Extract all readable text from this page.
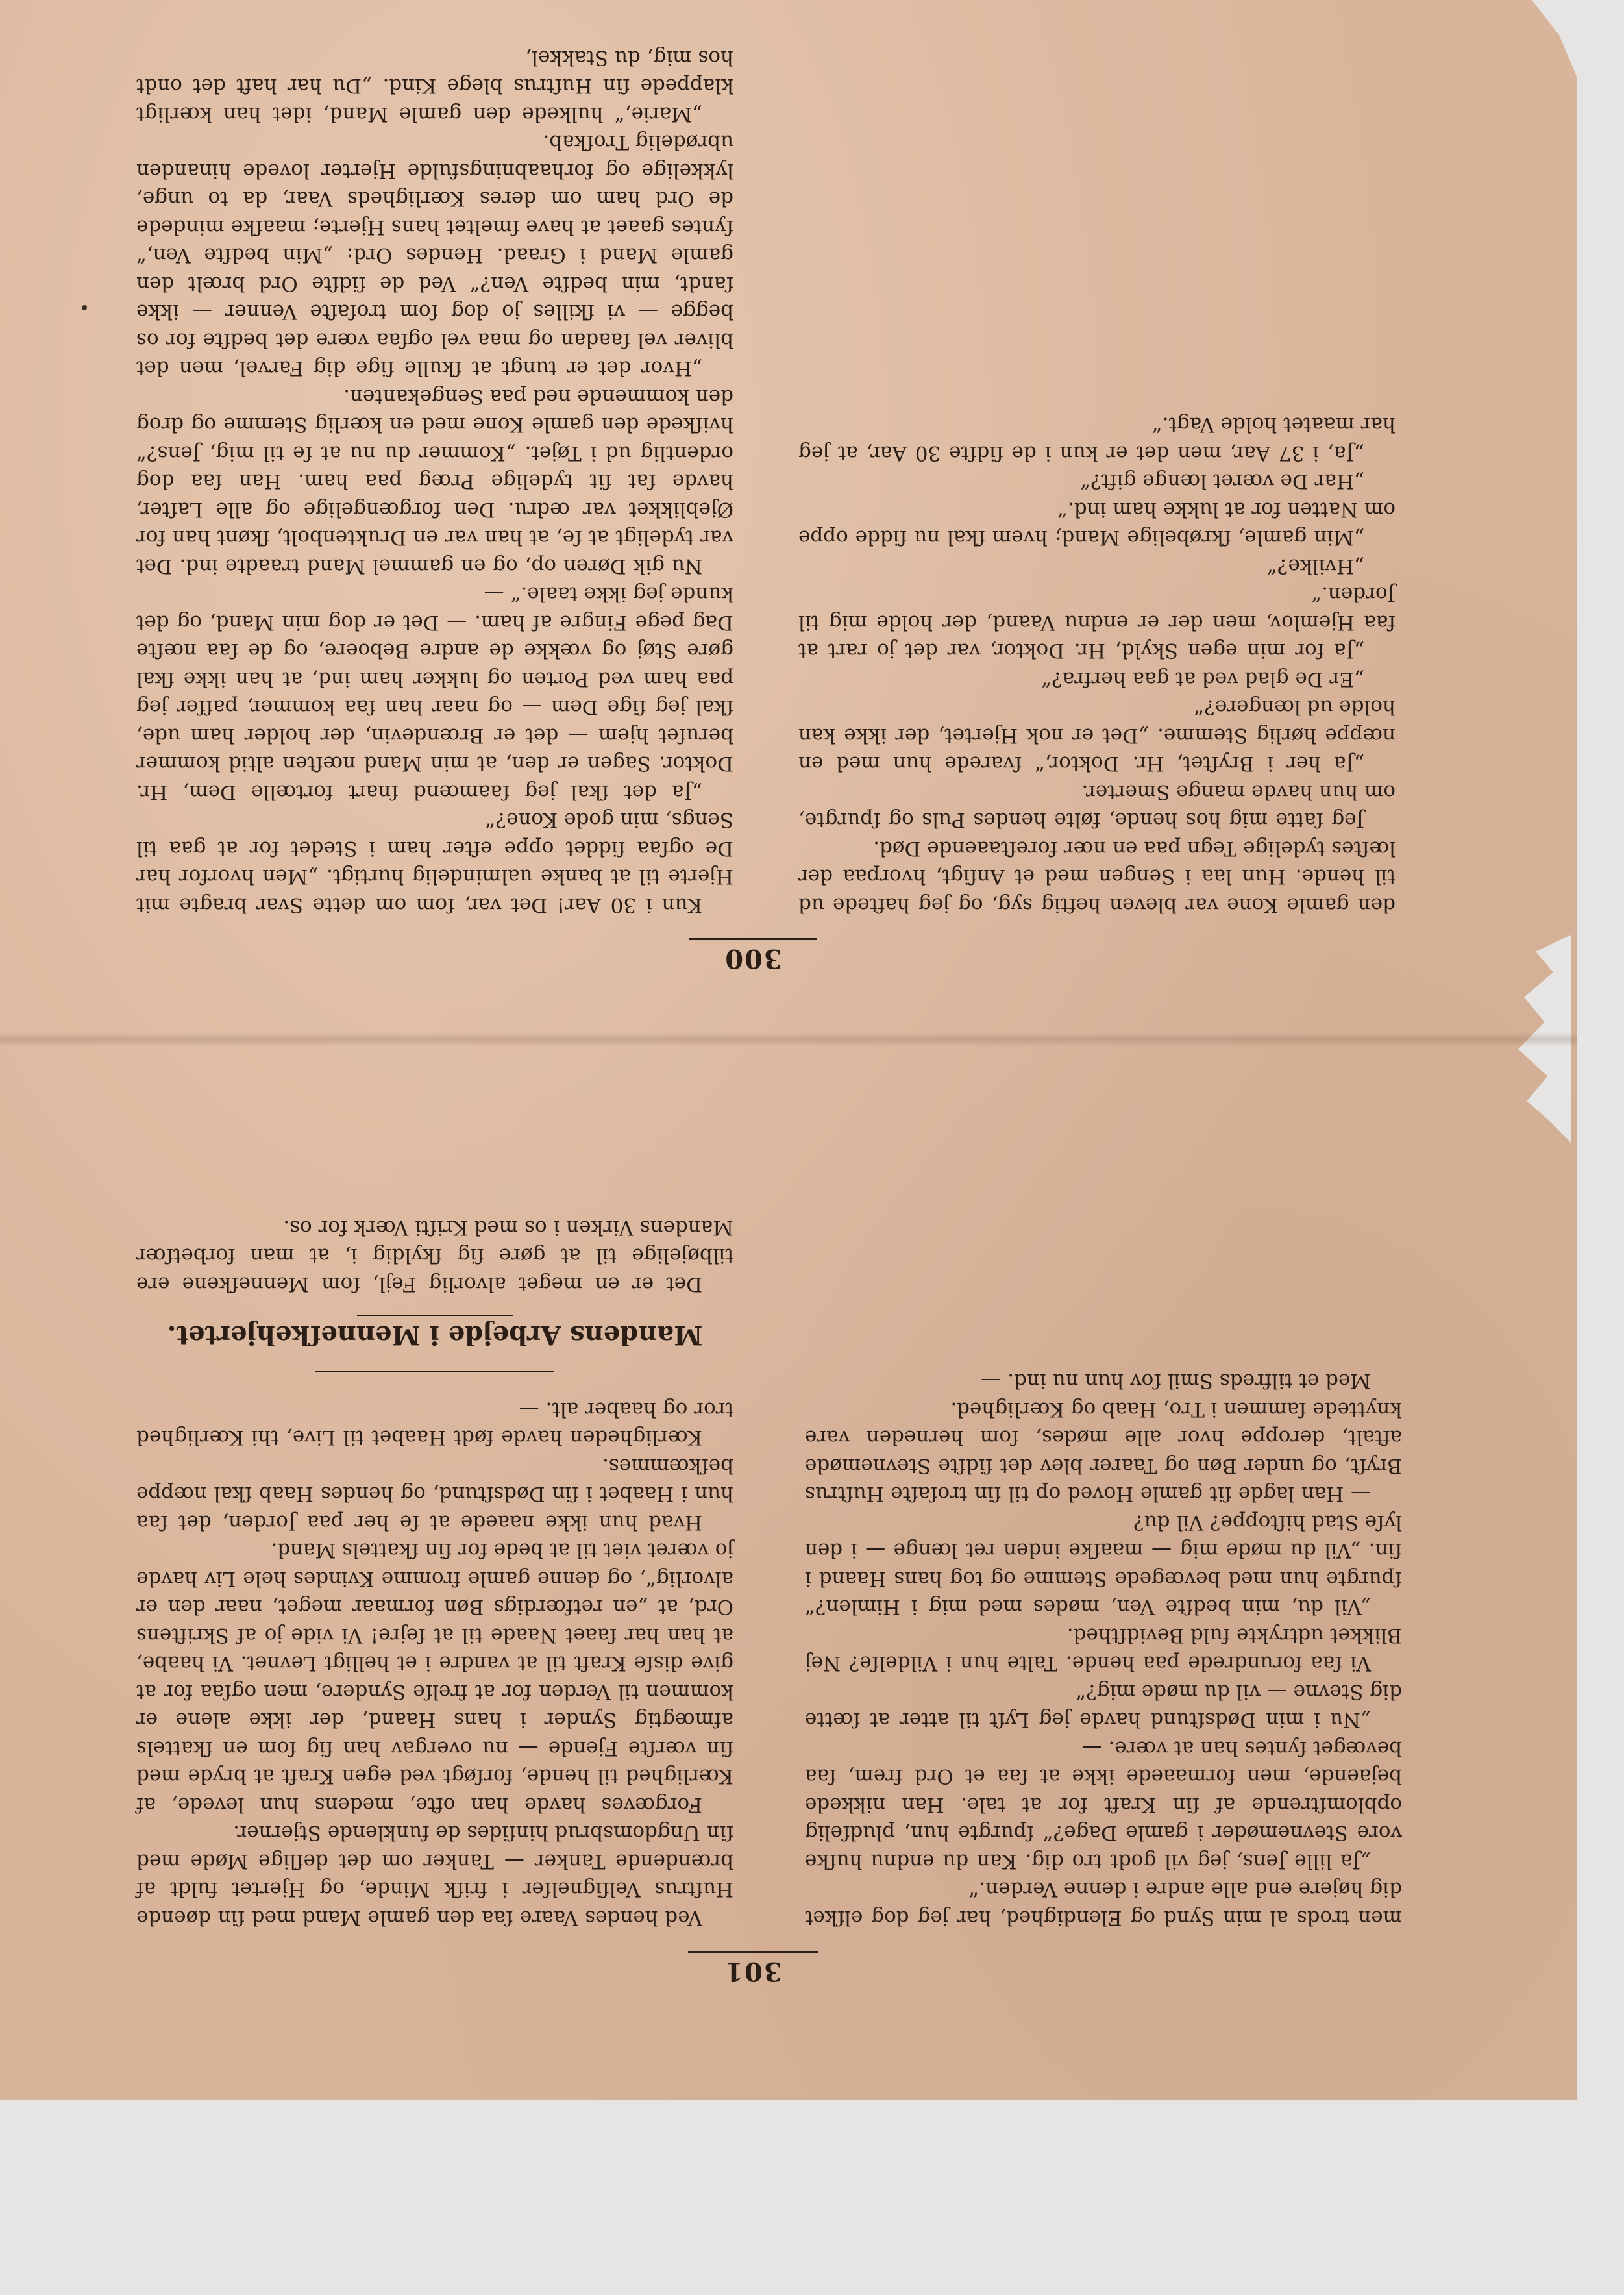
300

den gamle Kone var bleven heftig syg, og jeg haftede ud til hende. Hun laa i Sengen med et Anſigt, hvorpaa der lœſtes tydelige Tegn paa en nœr foreſtaaende Død.

Jeg ſatte mig hos hende, følte hendes Puls og ſpurgte, om hun havde mange Smerter.

„Ja her i Bryſtet, Hr. Doktor,“ ſvarede hun med en nœppe hørlig Stemme. „Det er nok Hjertet, der ikke kan holde ud lœngere?“

„Er De glad ved at gaa herfra?“

„Ja for min egen Skyld, Hr. Doktor, var det jo rart at faa Hjemlov, men der er endnu Vaand, der holde mig til Jorden.“

„Hvilke?“

„Min gamle, ſkrøbelige Mand; hvem ſkal nu ſidde oppe om Natten for at lukke ham ind.“

„Har De vœret lœnge gift?“

„Ja, i 37 Aar, men det er kun i de ſidſte 30 Aar, at jeg har maatet holde Vagt.“

Kun i 30 Aar! Det var, ſom om dette Svar bragte mit Hjerte til at banke ualmindelig hurtigt. „Men hvorfor har De ogſaa ſiddet oppe efter ham i Stedet for at gaa til Sengs, min gode Kone?“

„Ja det ſkal jeg ſaamœnd ſnart fortœlle Dem, Hr. Doktor. Sagen er den, at min Mand nœſten altid kommer beruſet hjem — det er Brœndevin, der holder ham ude, ſkal jeg ſige Dem — og naar han ſaa kommer, paſſer jeg paa ham ved Porten og lukker ham ind, at han ikke ſkal gøre Støj og vœkke de andre Beboere, og de ſaa nœſte Dag pege Fingre af ham. — Det er dog min Mand, og det kunde jeg ikke taale.“ —

Nu gik Døren op, og en gammel Mand traadte ind. Det var tydeligt at ſe, at han var en Druktenbolt, ſkønt han for Øjeblikket var œdru. Den forgœngelige og alle Laſter, havde ſat ſit tydelige Prœg paa ham. Han ſaa dog ordentlig ud i Tøjet. „Kommer du nu at ſe til mig, Jens?“ hviſkede den gamle Kone med en kœrlig Stemme og drog den kommende ned paa Sengekanten.

„Hvor det er tungt at ſkulle ſige dig Farvel, men det bliver vel ſaadan og maa vel ogſaa vœre det bedſte for os begge — vi ſkilles jo dog ſom troſaſte Venner — ikke ſandt, min bedſte Ven?“ Ved de ſidſte Ord brœlt den gamle Mand i Graad. Hendes Ord: „Min bedſte Ven,“ ſyntes gaaet at have ſmeltet hans Hjerte; maaſke mindede de Ord ham om deres Kœrligheds Vaar, da to unge, lykkelige og forhaabningsfulde Hjerter lovede hinanden ubrødelig Troſkab.

„Marie,“ hulkede den gamle Mand, idet han kœrligt klappede ſin Huſtrus blege Kind. „Du har haft det ondt hos mig, du Stakkel,

301

men trods al min Synd og Elendighed, har jeg dog elſket dig højere end alle andre i denne Verden.“

„Ja lille Jens, jeg vil godt tro dig. Kan du endnu huſke vore Stevnemøder i gamle Dage?“ ſpurgte hun, pludſelig opblomſtrende af ſin Kraft for at tale. Han nikkede bejaende, men formaaede ikke at ſaa et Ord frem, ſaa bevœget ſyntes han at vœre. —

„Nu i min Dødsſtund havde jeg Lyſt til atter at ſœtte dig Stevne — vil du møde mig?“

Vi ſaa forundrede paa hende. Talte hun i Vildelſe? Nej Blikket udtrykte fuld Bevidſthed.

„Vil du, min bedſte Ven, mødes med mig i Himlen?“ ſpurgte hun med bevœgede Stemme og tog hans Haand i ſin. „Vil du møde mig — maaſke inden ret lœnge — i den lyſe Stad hiſtoppe? Vil du?

— Han lagde ſit gamle Hoved op til ſin troſaſte Huſtrus Bryſt, og under Bøn og Taarer blev det ſidſte Stevnemøde aftalt, deroppe hvor alle mødes, ſom herneden vare knyttede ſammen i Tro, Haab og Kœrlighed.

Med et tilfreds Smil ſov hun nu ind. —

Ved hendes Vaare ſaa den gamle Mand med ſin døende Huſtrus Velſignelſer i friſk Minde, og Hjertet fuldt af brœndende Tanker — Tanker om det deſlige Møde med ſin Ungdomsbrud hinſides de funklende Stjerner.

Forgœves havde han ofte, medens hun levede, af Kœrlighed til hende, forſøgt ved egen Kraft at bryde med ſin vœrſte Fjende — nu overgav han ſig ſom en ſkattels afmœgtig Synder i hans Haand, der ikke alene er kommen til Verden for at frelſe Syndere, men ogſaa for at give disſe Kraft til at vandre i et helligt Levnet. Vi haabe, at han har ſaaet Naade til at ſejre! Vi vide jo af Skriftens Ord, at „en retfœrdigs Bøn formaar meget, naar den er alvorlig“, og denne gamle fromme Kvindes hele Liv havde jo vœret viet til at bede for ſin ſkattels Mand.

Hvad hun ikke naaede at ſe her paa Jorden, det ſaa hun i Haabet i ſin Dødsſtund, og hendes Haab ſkal nœppe beſkœmmes.

Kœrligheden havde født Haabet til Live, thi Kœrlighed tror og haaber alt. —

Mandens Arbejde i Menneſkehjertet.

Det er en meget alvorlig Fejl, ſom Menneſkene ere tilbøjelige til at gøre ſig ſkyldig i, at man forbetſœr Mandens Virken i os med Kriſti Vœrk for os.
